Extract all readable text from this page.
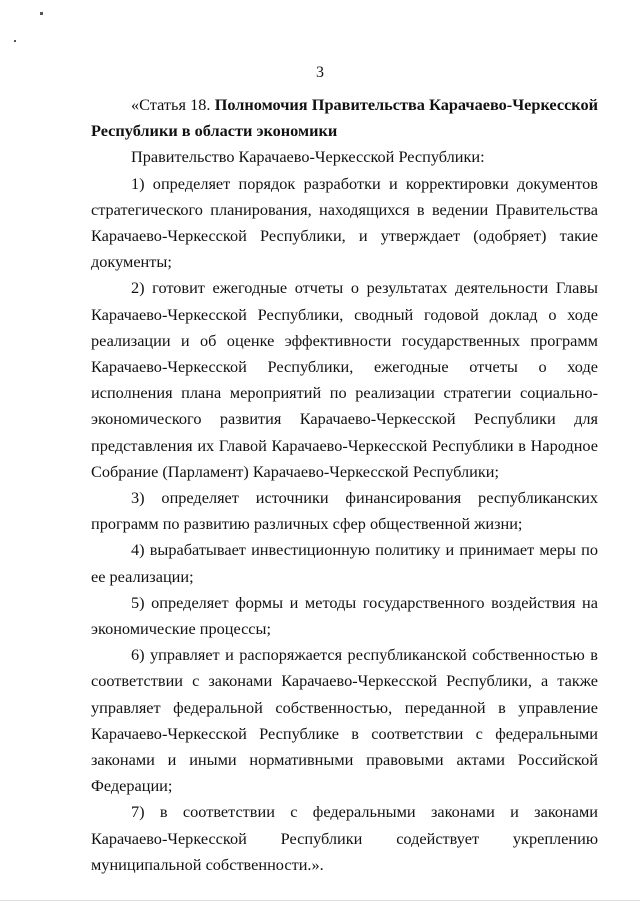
3

«Статья 18. Полномочия Правительства Карачаево-Черкесской Республики в области экономики

Правительство Карачаево-Черкесской Республики:

1) определяет порядок разработки и корректировки документов стратегического планирования, находящихся в ведении Правительства Карачаево-Черкесской Республики, и утверждает (одобряет) такие документы;

2) готовит ежегодные отчеты о результатах деятельности Главы Карачаево-Черкесской Республики, сводный годовой доклад о ходе реализации и об оценке эффективности государственных программ Карачаево-Черкесской Республики, ежегодные отчеты о ходе исполнения плана мероприятий по реализации стратегии социально-экономического развития Карачаево-Черкесской Республики для представления их Главой Карачаево-Черкесской Республики в Народное Собрание (Парламент) Карачаево-Черкесской Республики;

3) определяет источники финансирования республиканских программ по развитию различных сфер общественной жизни;

4) вырабатывает инвестиционную политику и принимает меры по ее реализации;

5) определяет формы и методы государственного воздействия на экономические процессы;

6) управляет и распоряжается республиканской собственностью в соответствии с законами Карачаево-Черкесской Республики, а также управляет федеральной собственностью, переданной в управление Карачаево-Черкесской Республике в соответствии с федеральными законами и иными нормативными правовыми актами Российской Федерации;

7) в соответствии с федеральными законами и законами Карачаево-Черкесской Республики содействует укреплению муниципальной собственности.».
